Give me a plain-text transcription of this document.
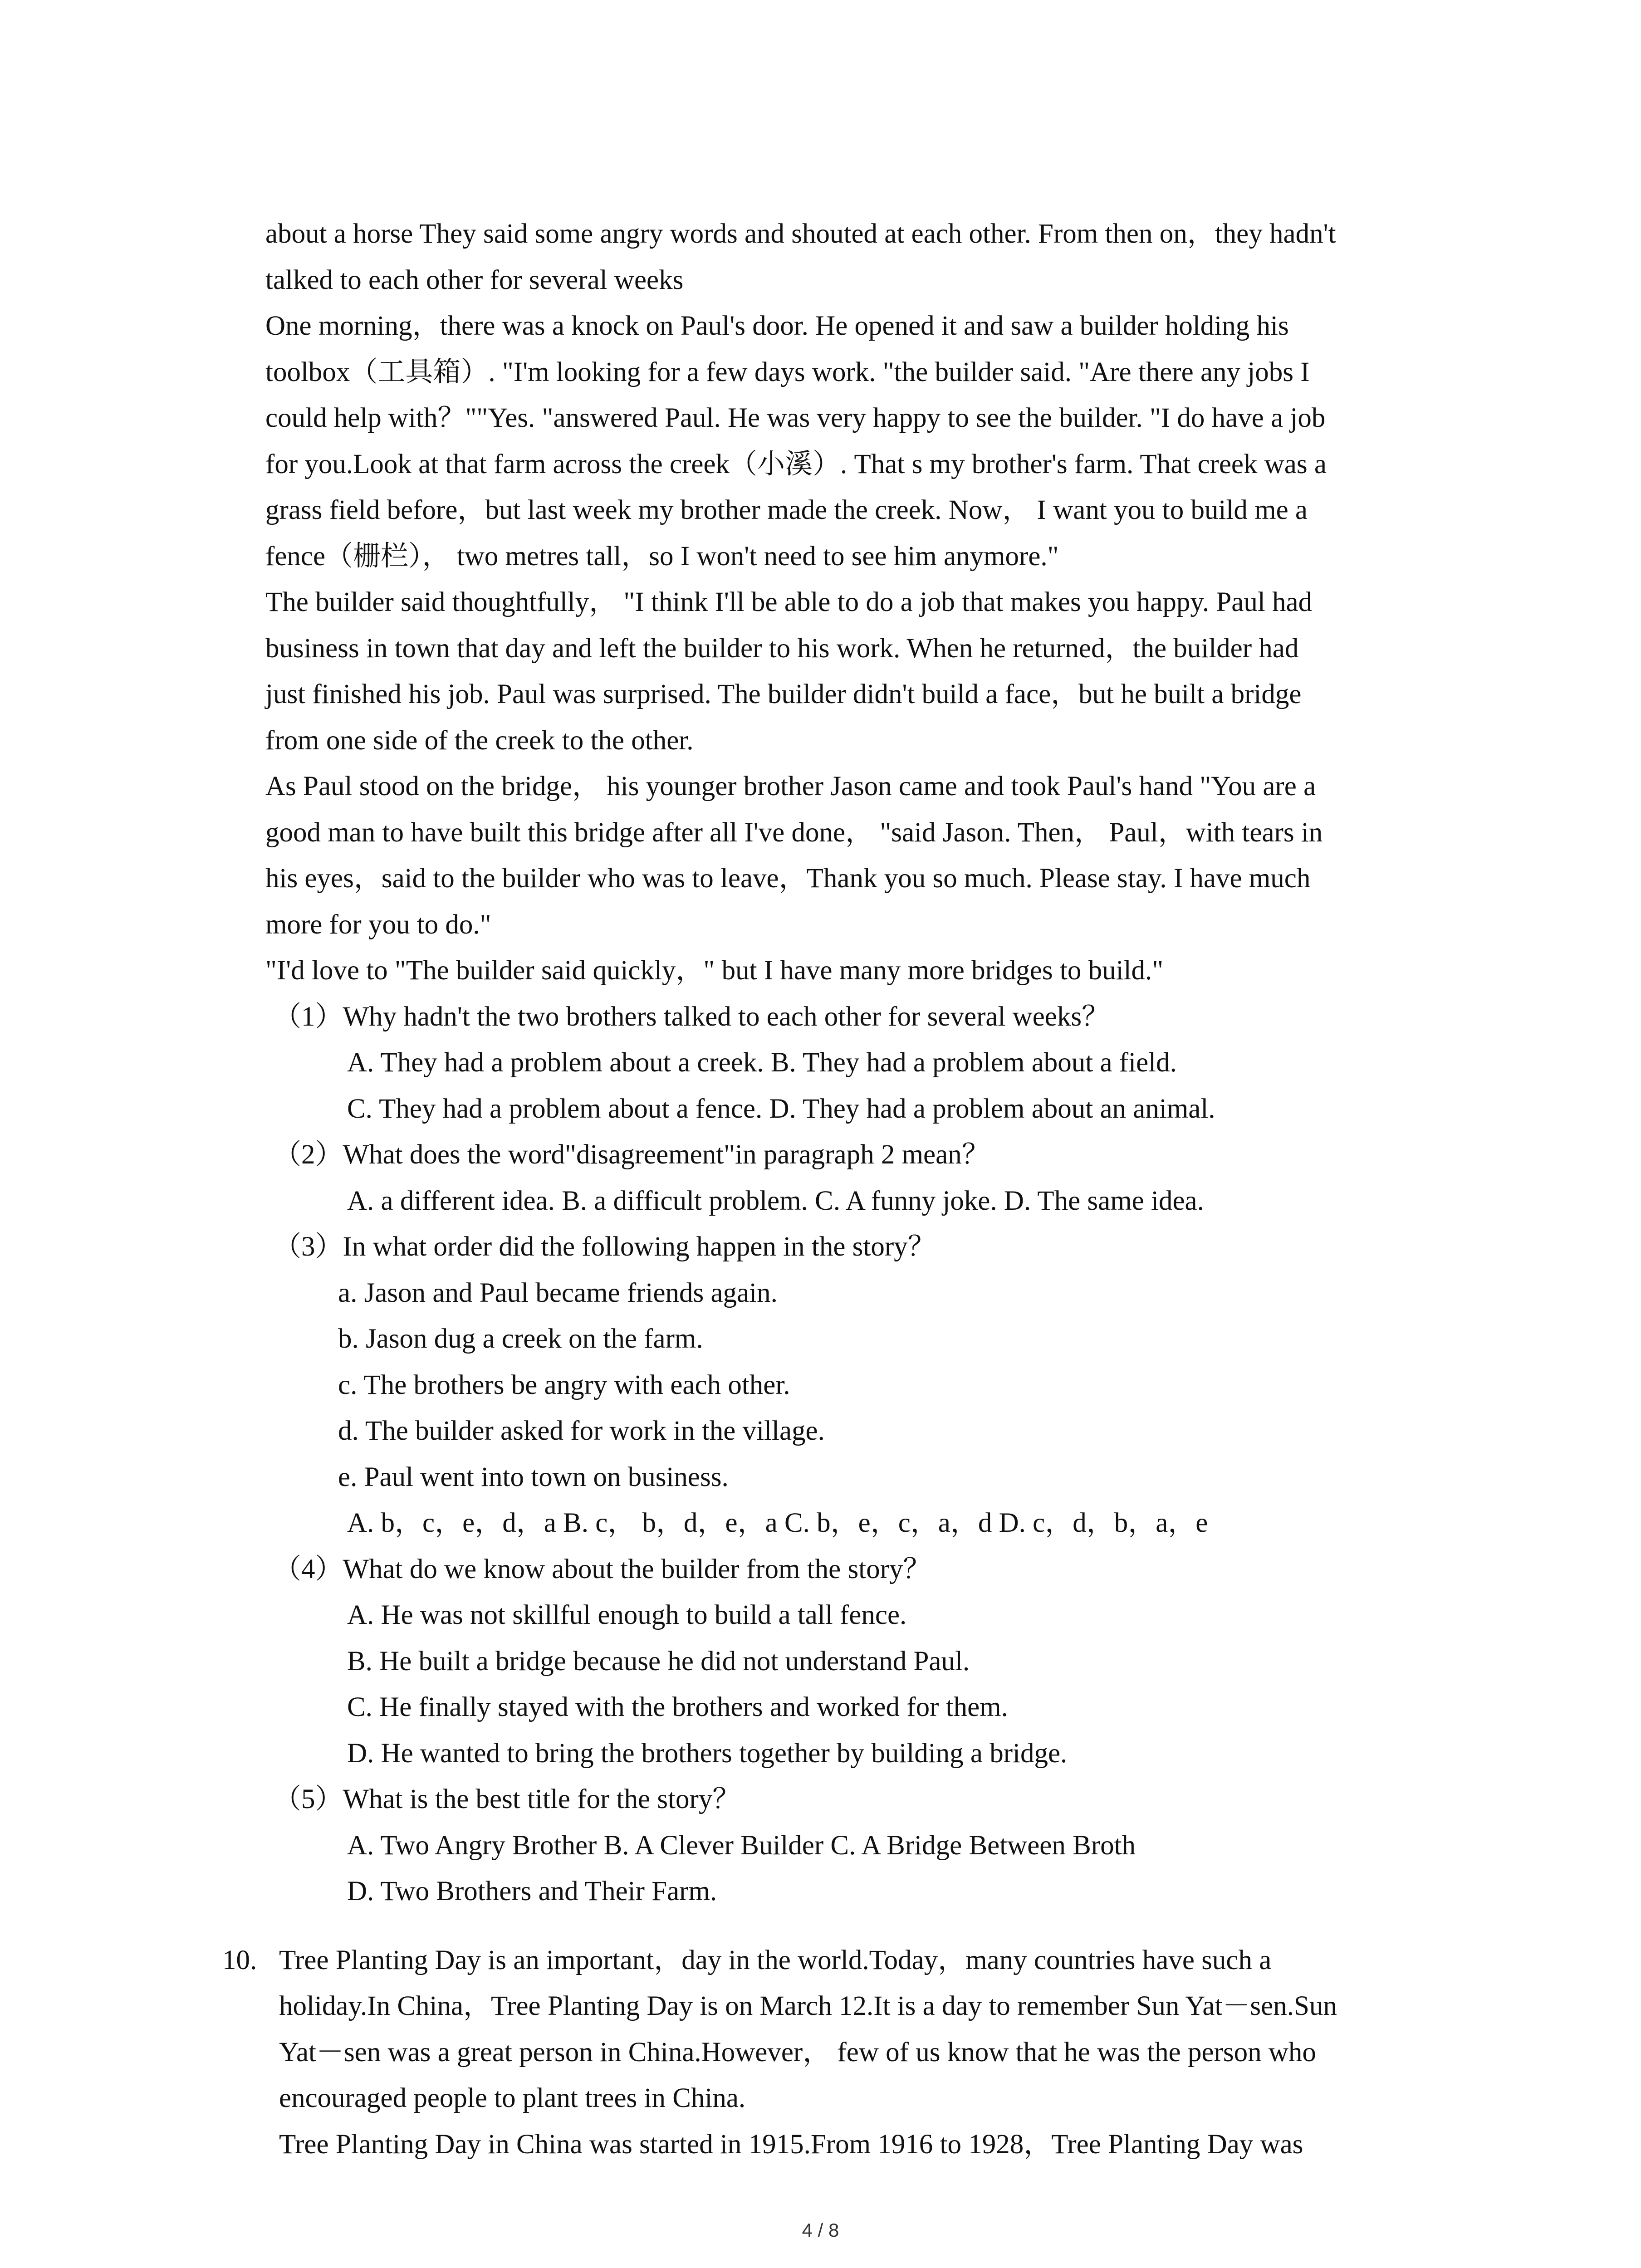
about a horse They said some angry words and shouted at each other. From then on，they hadn't
talked to each other for several weeks
One morning，there was a knock on Paul's door. He opened it and saw a builder holding his
toolbox（工具箱）. "I'm looking for a few days work. "the builder said. "Are there any jobs I
could help with？""Yes. "answered Paul. He was very happy to see the builder. "I do have a job
for you.Look at that farm across the creek（小溪）. That s my brother's farm. That creek was a
grass field before，but last week my brother made the creek. Now， I want you to build me a
fence（栅栏）， two metres tall，so I won't need to see him anymore."
The builder said thoughtfully， "I think I'll be able to do a job that makes you happy. Paul had
business in town that day and left the builder to his work. When he returned，the builder had
just finished his job. Paul was surprised. The builder didn't build a face，but he built a bridge
from one side of the creek to the other.
As Paul stood on the bridge， his younger brother Jason came and took Paul's hand "You are a
good man to have built this bridge after all I've done， "said Jason. Then， Paul，with tears in
his eyes，said to the builder who was to leave，Thank you so much. Please stay. I have much
more for you to do."
"I'd love to "The builder said quickly，" but I have many more bridges to build."
（1）Why hadn't the two brothers talked to each other for several weeks？
A. They had a problem about a creek. B. They had a problem about a field.
C. They had a problem about a fence. D. They had a problem about an animal.
（2）What does the word"disagreement"in paragraph 2 mean？
A. a different idea. B. a difficult problem. C. A funny joke. D. The same idea.
（3）In what order did the following happen in the story？
a. Jason and Paul became friends again.
b. Jason dug a creek on the farm.
c. The brothers be angry with each other.
d. The builder asked for work in the village.
e. Paul went into town on business.
A. b，c，e，d，a B. c， b，d，e，a C. b，e，c，a，d D. c，d，b，a，e
（4）What do we know about the builder from the story？
A. He was not skillful enough to build a tall fence.
B. He built a bridge because he did not understand Paul.
C. He finally stayed with the brothers and worked for them.
D. He wanted to bring the brothers together by building a bridge.
（5）What is the best title for the story？
A. Two Angry Brother B. A Clever Builder C. A Bridge Between Broth
D. Two Brothers and Their Farm.
10. Tree Planting Day is an important，day in the world.Today，many countries have such a
holiday.In China，Tree Planting Day is on March 12.It is a day to remember Sun Yat－sen.Sun
Yat－sen was a great person in China.However， few of us know that he was the person who
encouraged people to plant trees in China.
Tree Planting Day in China was started in 1915.From 1916 to 1928，Tree Planting Day was
4 / 8
